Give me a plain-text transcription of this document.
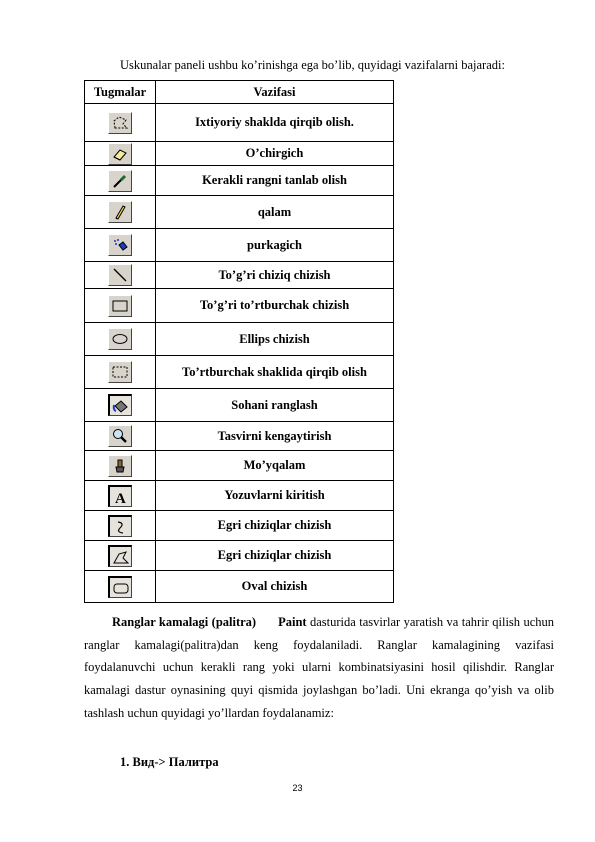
Uskunalar paneli ushbu ko’rinishga ega bo’lib, quyidagi vazifalarni bajaradi:
Tugmalar	Vazifasi

	Ixtiyoriy shaklda qirqib olish.

	O’chirgich

	Kerakli rangni tanlab olish

	qalam

	purkagich

	To’g’ri chiziq chizish

	To’g’ri to’rtburchak chizish

	Ellips chizish

	To’rtburchak shaklida qirqib olish

	Sohani ranglash

	Tasvirni kengaytirish

	Mo’yqalam

A	Yozuvlarni kiritish

	Egri chiziqlar chizish

	Egri chiziqlar chizish

	Oval chizish
Ranglar kamalagi (palitra) Paint dasturida tasvirlar yaratish va tahrir qilish uchun ranglar kamalagi(palitra)dan keng foydalaniladi. Ranglar kamalagining vazifasi foydalanuvchi uchun kerakli rang yoki ularni kombinatsiyasini hosil qilishdir. Ranglar kamalagi dastur oynasining quyi qismida joylashgan bo’ladi. Uni ekranga qo’yish va olib tashlash uchun quyidagi yo’llardan foydalanamiz:
1. Вид-> Палитра
23
